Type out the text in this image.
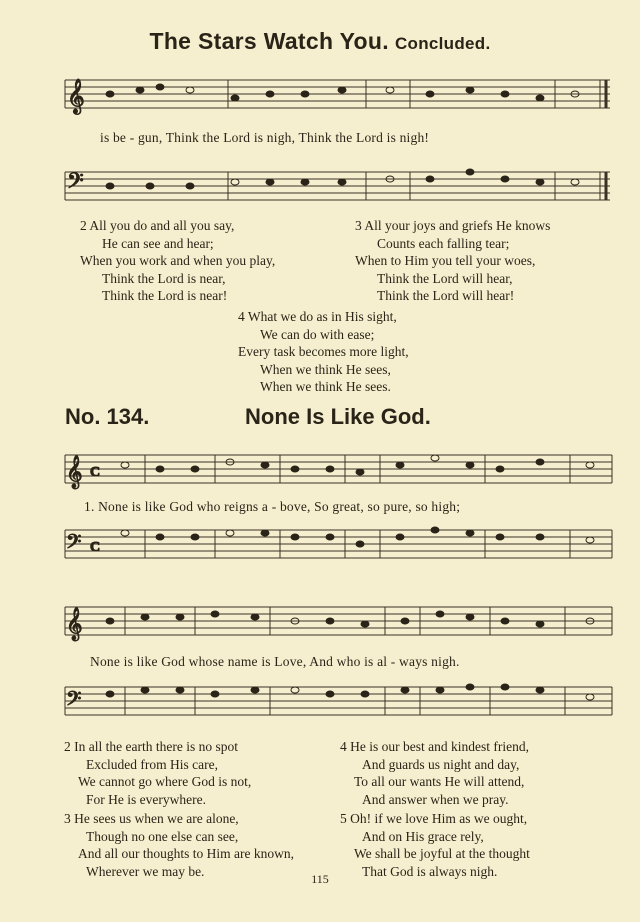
The Stars Watch You. Concluded.
𝄞
𝄢
is be - gun, Think the Lord is nigh, Think the Lord is nigh!
2 All you do and all you say,
He can see and hear;
When you work and when you play,
Think the Lord is near,
Think the Lord is near!
3 All your joys and griefs He knows
Counts each falling tear;
When to Him you tell your woes,
Think the Lord will hear,
Think the Lord will hear!
4 What we do as in His sight,
We can do with ease;
Every task becomes more light,
When we think He sees,
When we think He sees.
No. 134.	None Is Like God.
𝄞
𝄢
C
C
1. None is like God who reigns a - bove, So great, so pure, so high;
𝄞
𝄢
None is like God whose name is Love, And who is al - ways nigh.
2 In all the earth there is no spot
Excluded from His care,
We cannot go where God is not,
For He is everywhere.
3 He sees us when we are alone,
Though no one else can see,
And all our thoughts to Him are known,
Wherever we may be.
4 He is our best and kindest friend,
And guards us night and day,
To all our wants He will attend,
And answer when we pray.
5 Oh! if we love Him as we ought,
And on His grace rely,
We shall be joyful at the thought
That God is always nigh.
115
